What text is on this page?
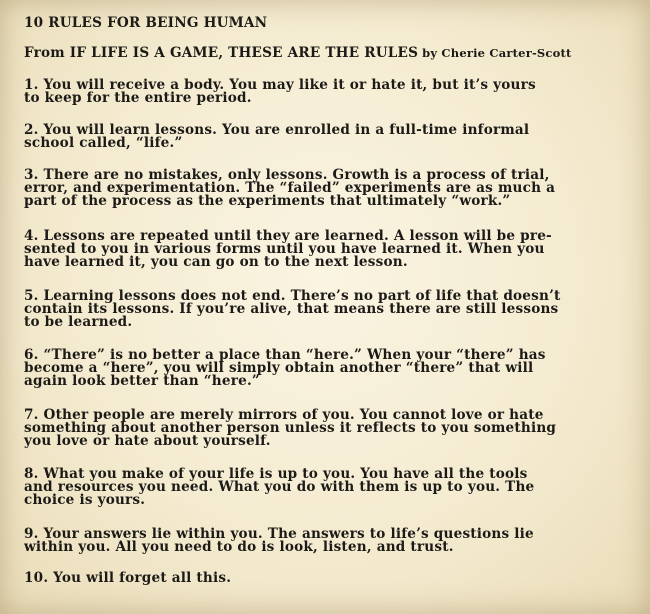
10 RULES FOR BEING HUMAN
From IF LIFE IS A GAME, THESE ARE THE RULES by Cherie Carter-Scott
1. You will receive a body. You may like it or hate it, but it’s yours
to keep for the entire period.
2. You will learn lessons. You are enrolled in a full-time informal
school called, “life.”
3. There are no mistakes, only lessons. Growth is a process of trial,
error, and experimentation. The “failed” experiments are as much a
part of the process as the experiments that ultimately “work.”
4. Lessons are repeated until they are learned. A lesson will be pre-
sented to you in various forms until you have learned it. When you
have learned it, you can go on to the next lesson.
5. Learning lessons does not end. There’s no part of life that doesn’t
contain its lessons. If you’re alive, that means there are still lessons
to be learned.
6. “There” is no better a place than “here.” When your “there” has
become a “here”, you will simply obtain another “there” that will
again look better than “here.”
7. Other people are merely mirrors of you. You cannot love or hate
something about another person unless it reflects to you something
you love or hate about yourself.
8. What you make of your life is up to you. You have all the tools
and resources you need. What you do with them is up to you. The
choice is yours.
9. Your answers lie within you. The answers to life’s questions lie
within you. All you need to do is look, listen, and trust.
10. You will forget all this.
